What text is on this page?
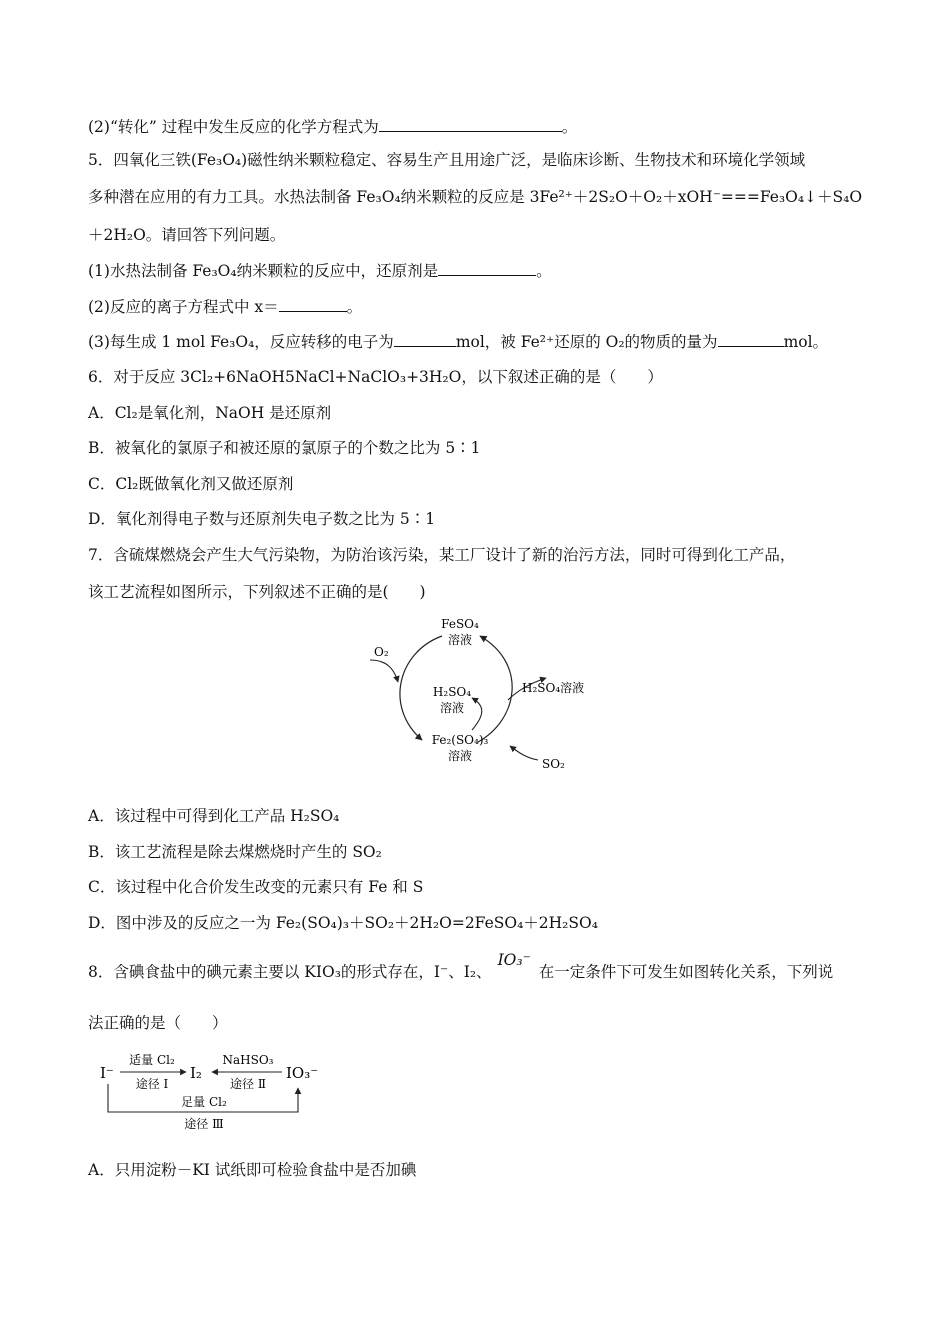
(2)“转化” 过程中发生反应的化学方程式为	。
5．四氧化三铁(Fe₃O₄)磁性纳米颗粒稳定、容易生产且用途广泛，是临床诊断、生物技术和环境化学领域
多种潜在应用的有力工具。水热法制备 Fe₃O₄纳米颗粒的反应是 3Fe²⁺＋2S₂O＋O₂＋xOH⁻===Fe₃O₄↓＋S₄O
＋2H₂O。请回答下列问题。
(1)水热法制备 Fe₃O₄纳米颗粒的反应中，还原剂是	。
(2)反应的离子方程式中 x＝	。
(3)每生成 1 mol Fe₃O₄，反应转移的电子为	mol，被 Fe²⁺还原的 O₂的物质的量为	mol。
6．对于反应 3Cl₂+6NaOH5NaCl+NaClO₃+3H₂O，以下叙述正确的是（　　）
A．Cl₂是氧化剂，NaOH 是还原剂
B．被氧化的氯原子和被还原的氯原子的个数之比为 5∶1
C．Cl₂既做氧化剂又做还原剂
D．氧化剂得电子数与还原剂失电子数之比为 5∶1
7．含硫煤燃烧会产生大气污染物，为防治该污染，某工厂设计了新的治污方法，同时可得到化工产品，
该工艺流程如图所示，下列叙述不正确的是(　　)
FeSO₄
溶液
O₂
H₂SO₄
溶液
H₂SO₄溶液
Fe₂(SO₄)₃
溶液
SO₂
A．该过程中可得到化工产品 H₂SO₄
B．该工艺流程是除去煤燃烧时产生的 SO₂
C．该过程中化合价发生改变的元素只有 Fe 和 S
D．图中涉及的反应之一为 Fe₂(SO₄)₃＋SO₂＋2H₂O=2FeSO₄＋2H₂SO₄
8．含碘食盐中的碘元素主要以 KIO₃的形式存在，I⁻、I₂、IO₃⁻在一定条件下可发生如图转化关系，下列说
法正确的是（　　）
I⁻
适量 Cl₂
途径 Ⅰ
I₂
NaHSO₃
途径 Ⅱ
IO₃⁻
足量 Cl₂
途径 Ⅲ
A．只用淀粉－KI 试纸即可检验食盐中是否加碘
